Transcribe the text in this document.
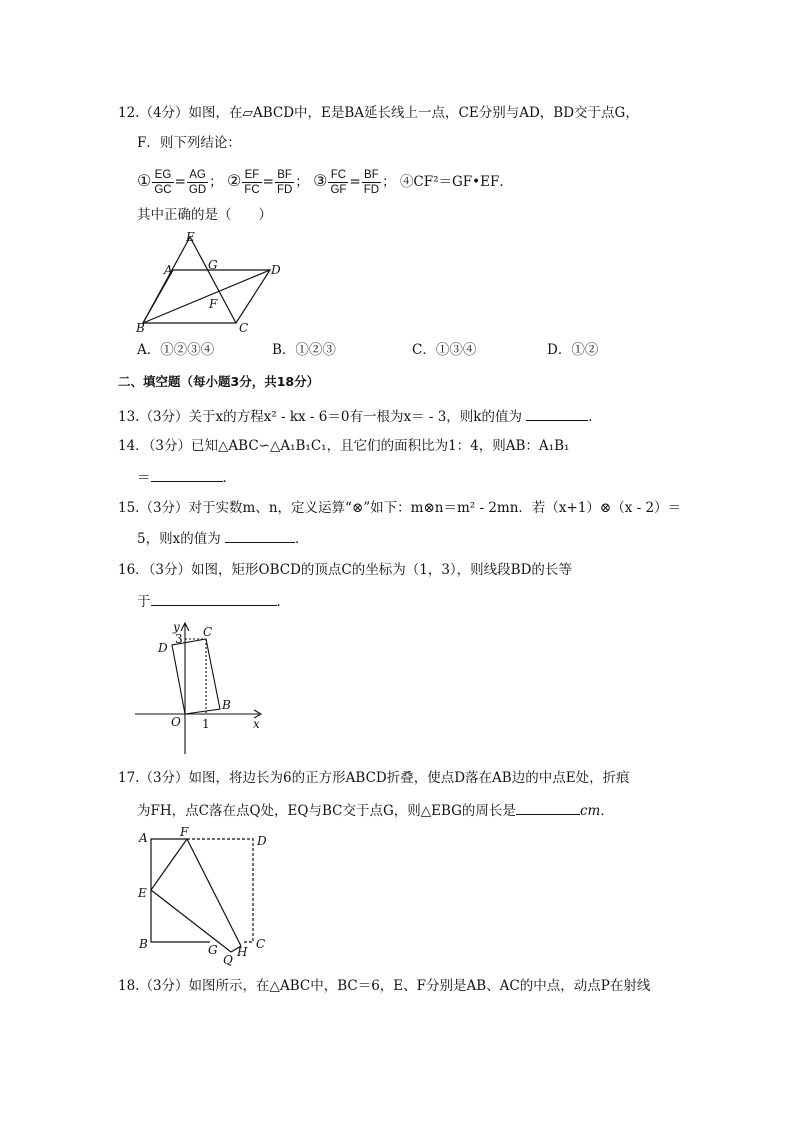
12.（4分）如图，在▱ABCD中，E是BA延长线上一点，CE分别与AD，BD交于点G，
F．则下列结论：
① $\frac{EG}{GC} = \frac{AG}{GD}$ ； ② $\frac{EF}{FC} = \frac{BF}{FD}$ ； ③ $\frac{FC}{GF} = \frac{BF}{FD}$ ； ④CF²＝GF•EF．
其中正确的是（　　）
E
A	G	D
F
B	C
A．①②③④	B．①②③	C．①③④	D．①②
二、填空题（每小题3分，共18分）
13.（3分）关于x的方程x² - kx - 6＝0有一根为x＝ - 3，则k的值为	．
14．（3分）已知△ABC∽△A₁B₁C₁，且它们的面积比为1：4，则AB：A₁B₁
＝	．
15.（3分）对于实数m、n，定义运算“⊗”如下：m⊗n＝m² - 2mn．若（x+1）⊗（x - 2）＝
5，则x的值为	．
16．（3分）如图，矩形OBCD的顶点C的坐标为（1，3），则线段BD的长等
于	．
y
3 C
D
O 1
B
x
17.（3分）如图，将边长为6的正方形ABCD折叠，使点D落在AB边的中点E处，折痕
为FH，点C落在点Q处，EQ与BC交于点G，则△EBG的周长是	cm．
A	F
D
E
B	G
Q
H
C
18.（3分）如图所示，在△ABC中，BC＝6，E、F分别是AB、AC的中点，动点P在射线
